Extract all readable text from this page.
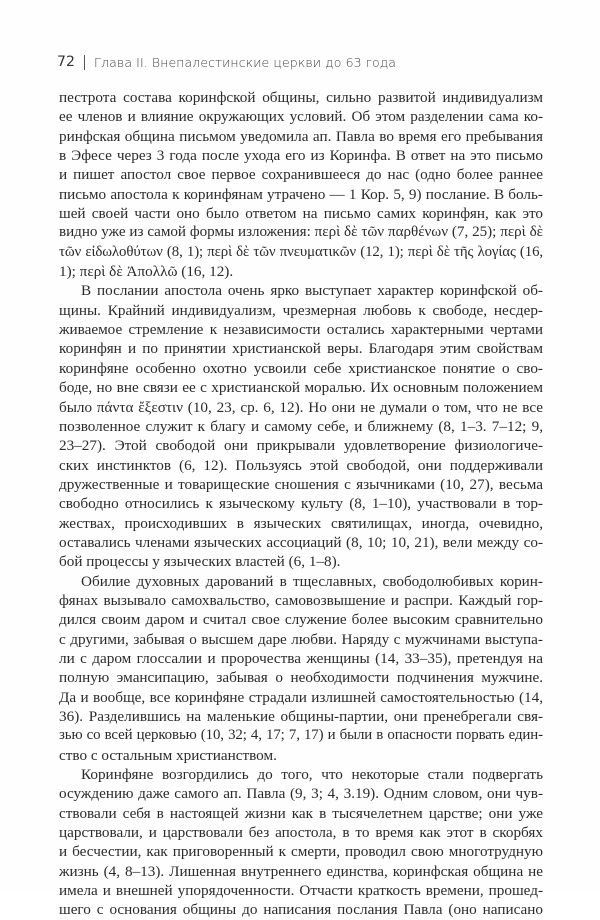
72 Глава II. Внепалестинские церкви до 63 года
пестрота состава коринфской общины, сильно развитой индивидуализм
ее членов и влияние окружающих условий. Об этом разделении сама ко-
ринфская община письмом уведомила ап. Павла во время его пребывания
в Эфесе через 3 года после ухода его из Коринфа. В ответ на это письмо
и пишет апостол свое первое сохранившееся до нас (одно более раннее
письмо апостола к коринфянам утрачено — 1 Кор. 5, 9) послание. В боль-
шей своей части оно было ответом на письмо самих коринфян, как это
видно уже из самой формы изложения: περὶ δὲ τῶν παρθένων (7, 25); περὶ δὲ
τῶν εἰδωλοθύτων (8, 1); περὶ δὲ τῶν πνευματικῶν (12, 1); περὶ δὲ τῆς λογίας (16,
1); περὶ δὲ Ἀπολλῶ (16, 12).
В послании апостола очень ярко выступает характер коринфской об-
щины. Крайний индивидуализм, чрезмерная любовь к свободе, несдер-
живаемое стремление к независимости остались характерными чертами
коринфян и по принятии христианской веры. Благодаря этим свойствам
коринфяне особенно охотно усвоили себе христианское понятие о сво-
боде, но вне связи ее с христианской моралью. Их основным положением
было πάντα ἔξεστιν (10, 23, ср. 6, 12). Но они не думали о том, что не все
позволенное служит к благу и самому себе, и ближнему (8, 1–3. 7–12; 9,
23–27). Этой свободой они прикрывали удовлетворение физиологиче-
ских инстинктов (6, 12). Пользуясь этой свободой, они поддерживали
дружественные и товарищеские сношения с язычниками (10, 27), весьма
свободно относились к языческому культу (8, 1–10), участвовали в тор-
жествах, происходивших в языческих святилищах, иногда, очевидно,
оставались членами языческих ассоциаций (8, 10; 10, 21), вели между со-
бой процессы у языческих властей (6, 1–8).
Обилие духовных дарований в тщеславных, свободолюбивых корин-
фянах вызывало самохвальство, самовозвышение и распри. Каждый гор-
дился своим даром и считал свое служение более высоким сравнительно
с другими, забывая о высшем даре любви. Наряду с мужчинами выступа-
ли с даром глоссалии и пророчества женщины (14, 33–35), претендуя на
полную эмансипацию, забывая о необходимости подчинения мужчине.
Да и вообще, все коринфяне страдали излишней самостоятельностью (14,
36). Разделившись на маленькие общины-партии, они пренебрегали свя-
зью со всей церковью (10, 32; 4, 17; 7, 17) и были в опасности порвать един-
ство с остальным христианством.
Коринфяне возгордились до того, что некоторые стали подвергать
осуждению даже самого ап. Павла (9, 3; 4, 3.19). Одним словом, они чув-
ствовали себя в настоящей жизни как в тысячелетнем царстве; они уже
царствовали, и царствовали без апостола, в то время как этот в скорбях
и бесчестии, как приговоренный к смерти, проводил свою многотрудную
жизнь (4, 8–13). Лишенная внутреннего единства, коринфская община не
имела и внешней упорядоченности. Отчасти краткость времени, прошед-
шего с основания общины до написания послания Павла (оно написано
